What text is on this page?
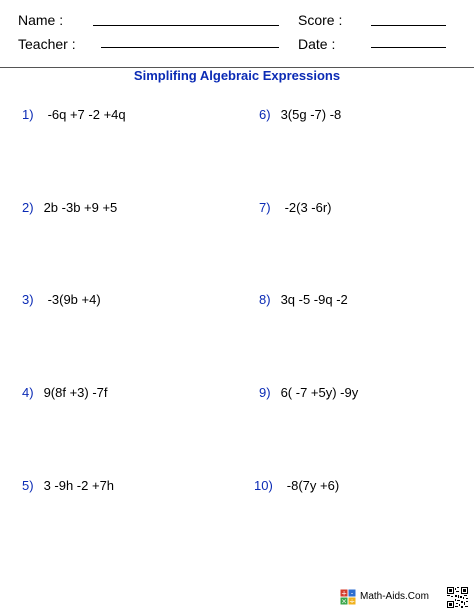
Name :	Score :
Teacher :	Date :
Simplifing Algebraic Expressions
1) -6q +7 -2 +4q
2) 2b -3b +9 +5
3) -3(9b +4)
4) 9(8f +3) -7f
5) 3 -9h -2 +7h
6) 3(5g -7) -8
7) -2(3 -6r)
8) 3q -5 -9q -2
9) 6( -7 +5y) -9y
10) -8(7y +6)
+ -
× ÷ Math-Aids.Com
